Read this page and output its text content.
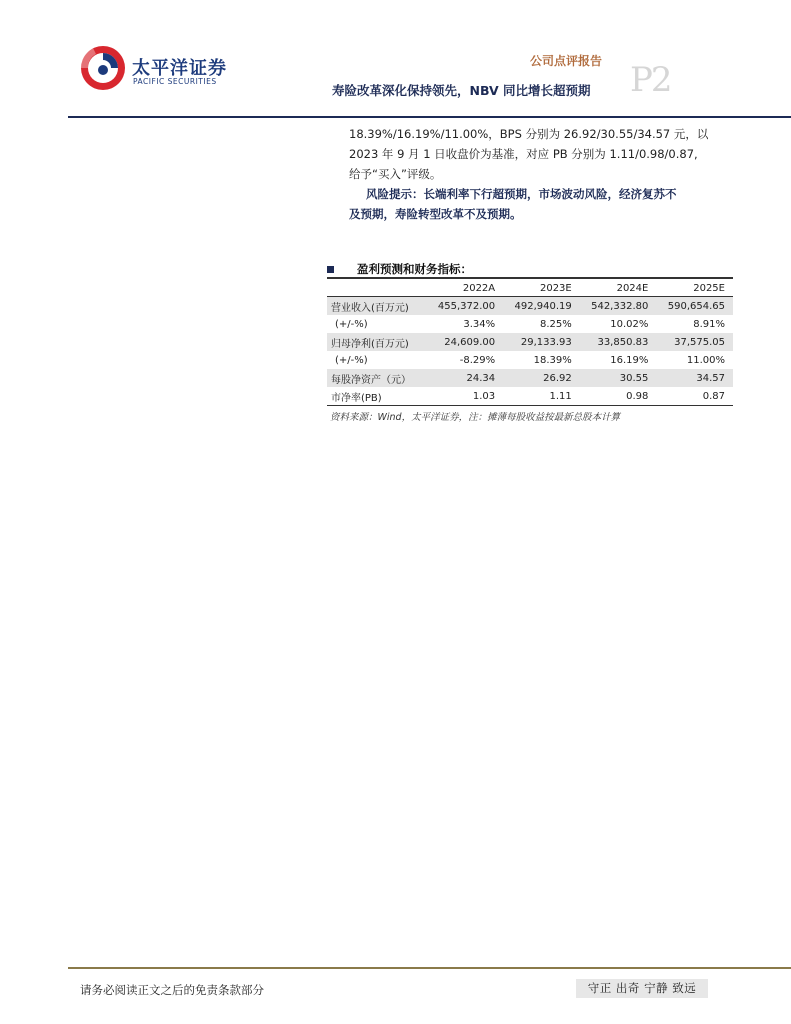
太平洋证券
PACIFIC SECURITIES
公司点评报告
寿险改革深化保持领先，NBV 同比增长超预期 P2
18.39%/16.19%/11.00%，BPS 分别为 26.92/30.55/34.57 元，以
2023 年 9 月 1 日收盘价为基准，对应 PB 分别为 1.11/0.98/0.87,
给予“买入”评级。
风险提示：长端利率下行超预期，市场波动风险，经济复苏不
及预期，寿险转型改革不及预期。
盈利预测和财务指标：
	2022A	2023E	2024E	2025E
营业收入(百万元)	455,372.00	492,940.19	542,332.80	590,654.65
(+/-%)	3.34%	8.25%	10.02%	8.91%
归母净利(百万元)	24,609.00	29,133.93	33,850.83	37,575.05
(+/-%)	-8.29%	18.39%	16.19%	11.00%
每股净资产（元）	24.34	26.92	30.55	34.57
市净率(PB)	1.03	1.11	0.98	0.87
资料来源：Wind，太平洋证券，注：摊薄每股收益按最新总股本计算
请务必阅读正文之后的免责条款部分	守正 出奇 宁静 致远
